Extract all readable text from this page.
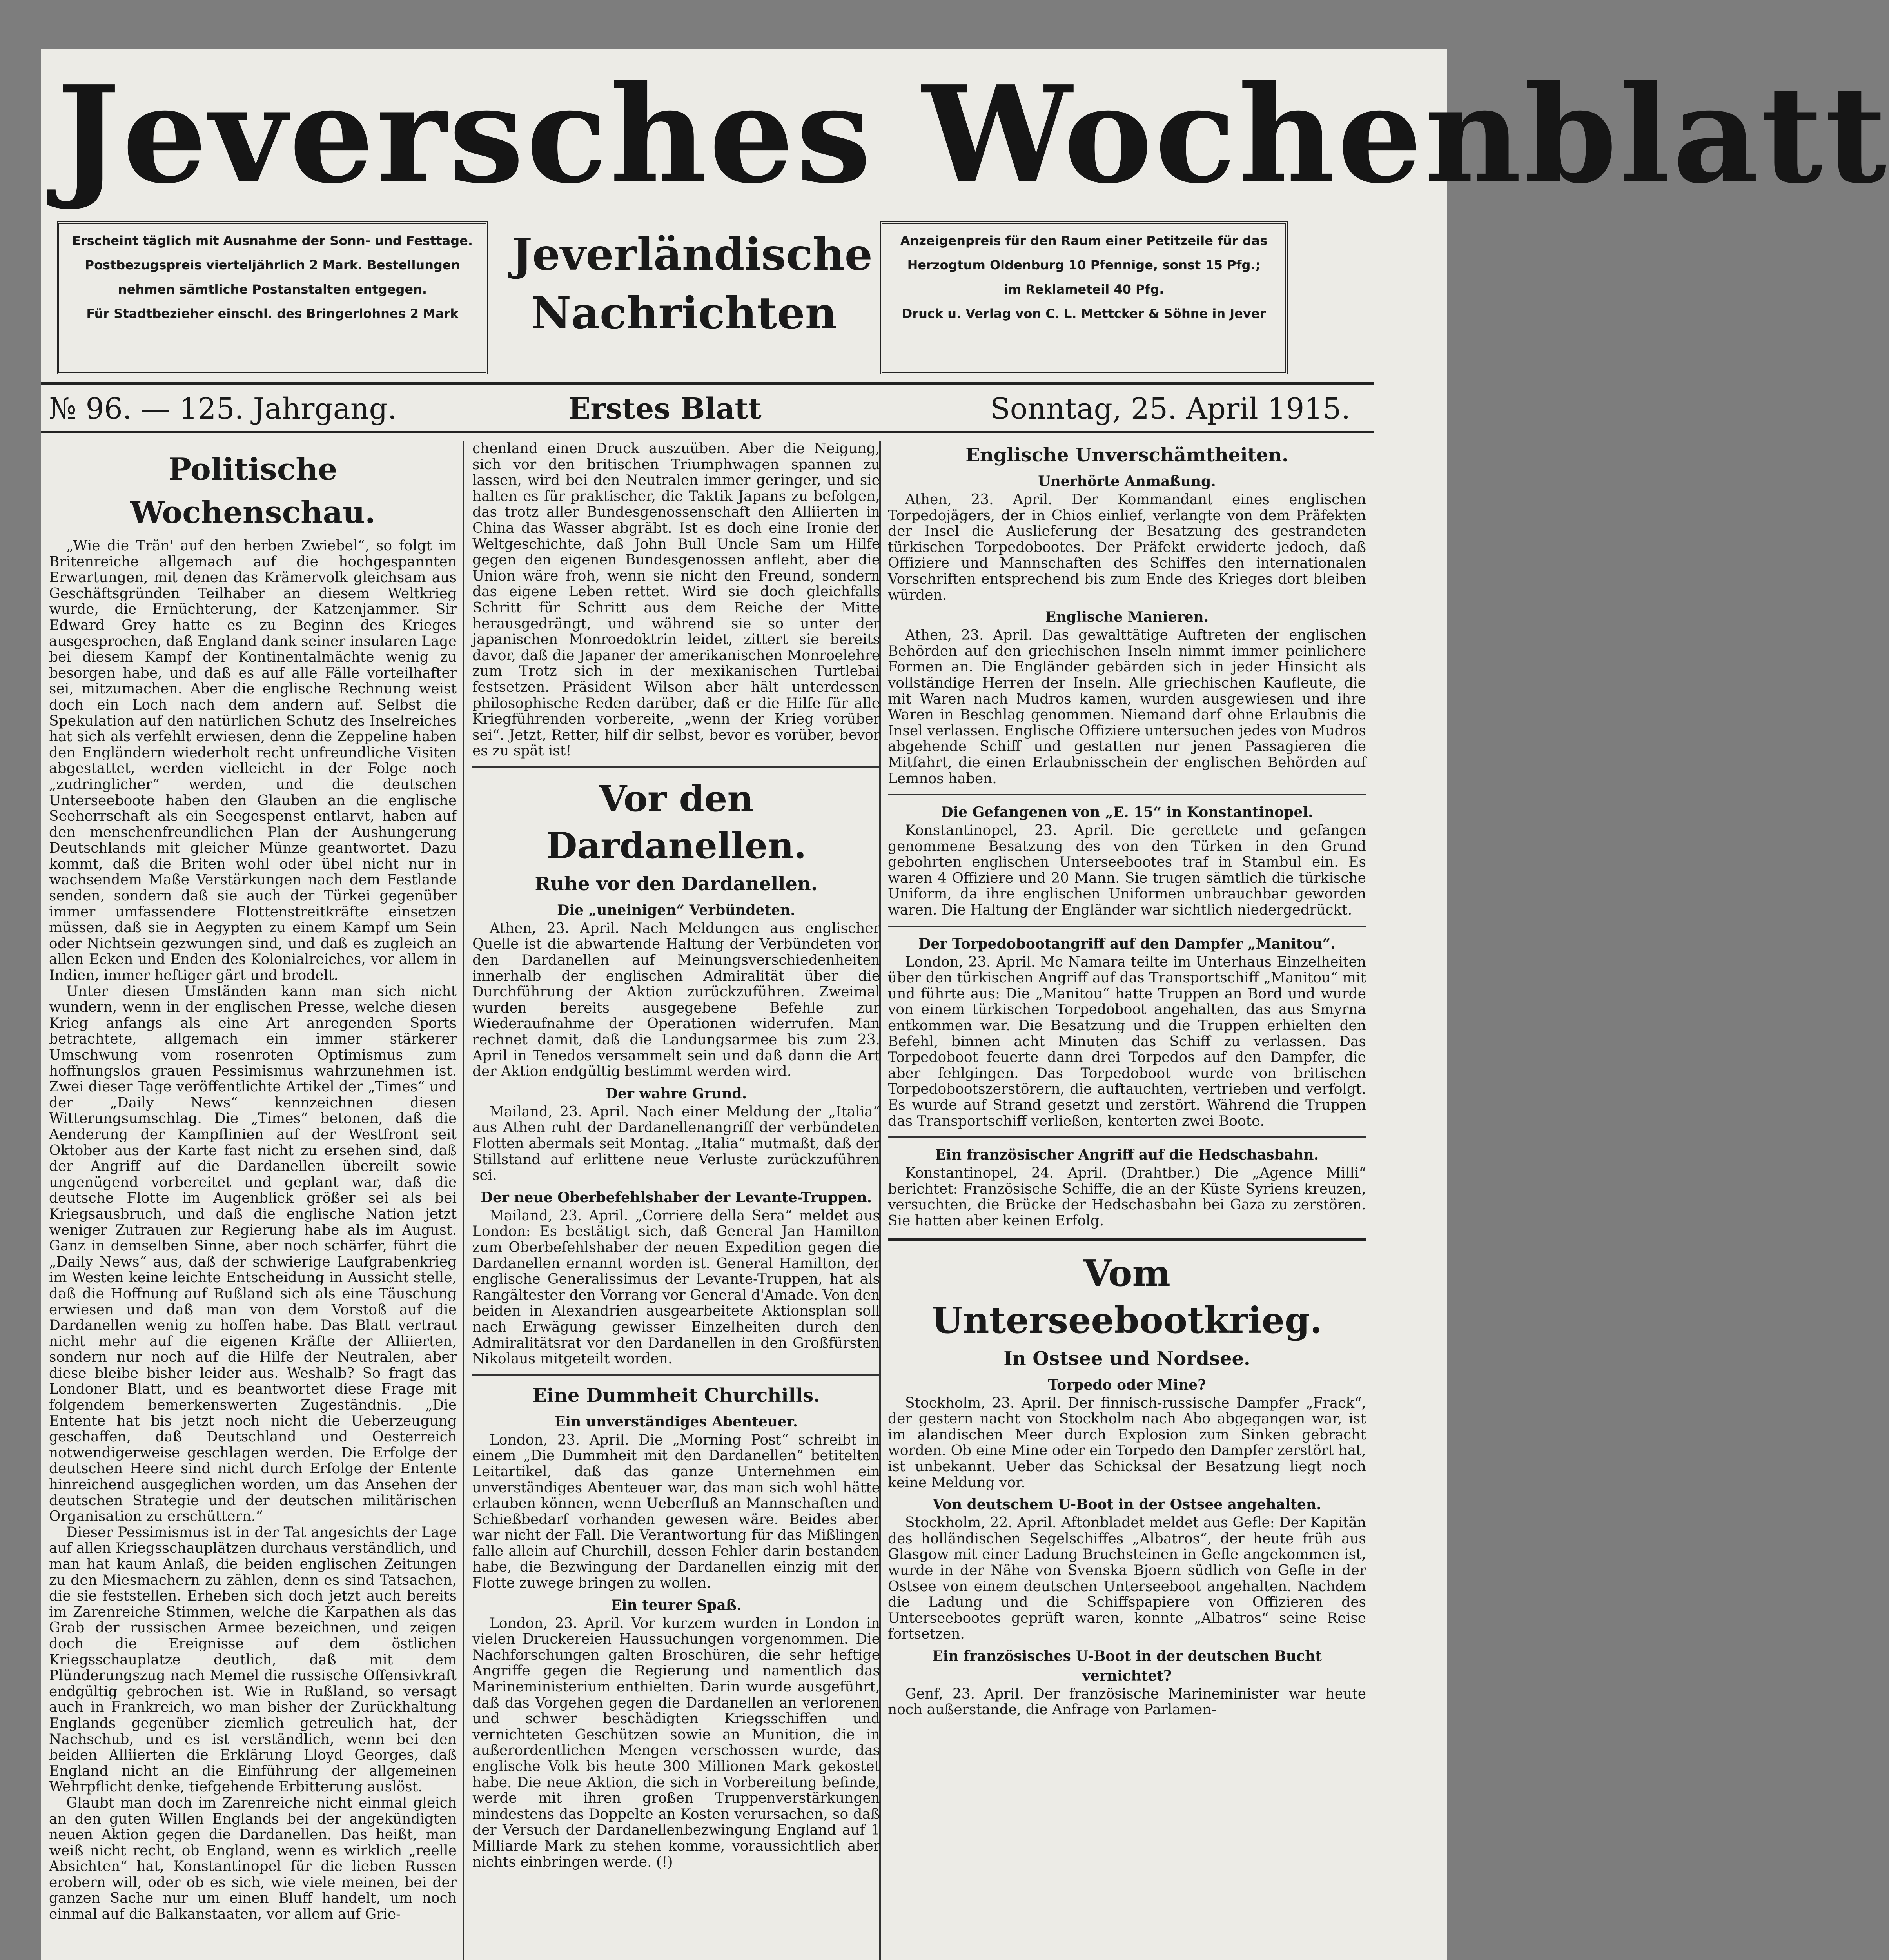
Jeversches Wochenblatt
Erscheint täglich mit Ausnahme der Sonn- und Festtage.
Postbezugspreis vierteljährlich 2 Mark. Bestellungen
nehmen sämtliche Postanstalten entgegen.
Für Stadtbezieher einschl. des Bringerlohnes 2 Mark
Jeverländische
Nachrichten
Anzeigenpreis für den Raum einer Petitzeile für das
Herzogtum Oldenburg 10 Pfennige, sonst 15 Pfg.;
im Reklameteil 40 Pfg.
Druck u. Verlag von C. L. Mettcker & Söhne in Jever
№ 96. — 125. Jahrgang.	Erstes Blatt	Sonntag, 25. April 1915.
Politische Wochenschau.

„Wie die Trän' auf den herben Zwiebel“, so folgt im Britenreiche allgemach auf die hochgespannten Erwartungen, mit denen das Krämervolk gleichsam aus Geschäftsgründen Teilhaber an diesem Weltkrieg wurde, die Ernüchterung, der Katzenjammer. Sir Edward Grey hatte es zu Beginn des Krieges ausgesprochen, daß England dank seiner insularen Lage bei diesem Kampf der Kontinentalmächte wenig zu besorgen habe, und daß es auf alle Fälle vorteilhafter sei, mitzumachen. Aber die englische Rechnung weist doch ein Loch nach dem andern auf. Selbst die Spekulation auf den natürlichen Schutz des Inselreiches hat sich als verfehlt erwiesen, denn die Zeppeline haben den Engländern wiederholt recht unfreundliche Visiten abgestattet, werden vielleicht in der Folge noch „zudringlicher“ werden, und die deutschen Unterseeboote haben den Glauben an die englische Seeherrschaft als ein Seegespenst entlarvt, haben auf den menschenfreundlichen Plan der Aushungerung Deutschlands mit gleicher Münze geantwortet. Dazu kommt, daß die Briten wohl oder übel nicht nur in wachsendem Maße Verstärkungen nach dem Festlande senden, sondern daß sie auch der Türkei gegenüber immer umfassendere Flottenstreitkräfte einsetzen müssen, daß sie in Aegypten zu einem Kampf um Sein oder Nichtsein gezwungen sind, und daß es zugleich an allen Ecken und Enden des Kolonialreiches, vor allem in Indien, immer heftiger gärt und brodelt.

Unter diesen Umständen kann man sich nicht wundern, wenn in der englischen Presse, welche diesen Krieg anfangs als eine Art anregenden Sports betrachtete, allgemach ein immer stärkerer Umschwung vom rosenroten Optimismus zum hoffnungslos grauen Pessimismus wahrzunehmen ist. Zwei dieser Tage veröffentlichte Artikel der „Times“ und der „Daily News“ kennzeichnen diesen Witterungsumschlag. Die „Times“ betonen, daß die Aenderung der Kampflinien auf der Westfront seit Oktober aus der Karte fast nicht zu ersehen sind, daß der Angriff auf die Dardanellen übereilt sowie ungenügend vorbereitet und geplant war, daß die deutsche Flotte im Augenblick größer sei als bei Kriegsausbruch, und daß die englische Nation jetzt weniger Zutrauen zur Regierung habe als im August. Ganz in demselben Sinne, aber noch schärfer, führt die „Daily News“ aus, daß der schwierige Laufgrabenkrieg im Westen keine leichte Entscheidung in Aussicht stelle, daß die Hoffnung auf Rußland sich als eine Täuschung erwiesen und daß man von dem Vorstoß auf die Dardanellen wenig zu hoffen habe. Das Blatt vertraut nicht mehr auf die eigenen Kräfte der Alliierten, sondern nur noch auf die Hilfe der Neutralen, aber diese bleibe bisher leider aus. Weshalb? So fragt das Londoner Blatt, und es beantwortet diese Frage mit folgendem bemerkenswerten Zugeständnis. „Die Entente hat bis jetzt noch nicht die Ueberzeugung geschaffen, daß Deutschland und Oesterreich notwendigerweise geschlagen werden. Die Erfolge der deutschen Heere sind nicht durch Erfolge der Entente hinreichend ausgeglichen worden, um das Ansehen der deutschen Strategie und der deutschen militärischen Organisation zu erschüttern.“

Dieser Pessimismus ist in der Tat angesichts der Lage auf allen Kriegsschauplätzen durchaus verständlich, und man hat kaum Anlaß, die beiden englischen Zeitungen zu den Miesmachern zu zählen, denn es sind Tatsachen, die sie feststellen. Erheben sich doch jetzt auch bereits im Zarenreiche Stimmen, welche die Karpathen als das Grab der russischen Armee bezeichnen, und zeigen doch die Ereignisse auf dem östlichen Kriegsschauplatze deutlich, daß mit dem Plünderungszug nach Memel die russische Offensivkraft endgültig gebrochen ist. Wie in Rußland, so versagt auch in Frankreich, wo man bisher der Zurückhaltung Englands gegenüber ziemlich getreulich hat, der Nachschub, und es ist verständlich, wenn bei den beiden Alliierten die Erklärung Lloyd Georges, daß England nicht an die Einführung der allgemeinen Wehrpflicht denke, tiefgehende Erbitterung auslöst.

Glaubt man doch im Zarenreiche nicht einmal gleich an den guten Willen Englands bei der angekündigten neuen Aktion gegen die Dardanellen. Das heißt, man weiß nicht recht, ob England, wenn es wirklich „reelle Absichten“ hat, Konstantinopel für die lieben Russen erobern will, oder ob es sich, wie viele meinen, bei der ganzen Sache nur um einen Bluff handelt, um noch einmal auf die Balkanstaaten, vor allem auf Grie-

chenland einen Druck auszuüben. Aber die Neigung, sich vor den britischen Triumphwagen spannen zu lassen, wird bei den Neutralen immer geringer, und sie halten es für praktischer, die Taktik Japans zu befolgen, das trotz aller Bundesgenossenschaft den Alliierten in China das Wasser abgräbt. Ist es doch eine Ironie der Weltgeschichte, daß John Bull Uncle Sam um Hilfe gegen den eigenen Bundesgenossen anfleht, aber die Union wäre froh, wenn sie nicht den Freund, sondern das eigene Leben rettet. Wird sie doch gleichfalls Schritt für Schritt aus dem Reiche der Mitte herausgedrängt, und während sie so unter der japanischen Monroedoktrin leidet, zittert sie bereits davor, daß die Japaner der amerikanischen Monroelehre zum Trotz sich in der mexikanischen Turtlebai festsetzen. Präsident Wilson aber hält unterdessen philosophische Reden darüber, daß er die Hilfe für alle Kriegführenden vorbereite, „wenn der Krieg vorüber sei“. Jetzt, Retter, hilf dir selbst, bevor es vorüber, bevor es zu spät ist!

Vor den Dardanellen.
Ruhe vor den Dardanellen.
Die „uneinigen“ Verbündeten.

Athen, 23. April. Nach Meldungen aus englischer Quelle ist die abwartende Haltung der Verbündeten vor den Dardanellen auf Meinungsverschiedenheiten innerhalb der englischen Admiralität über die Durchführung der Aktion zurückzuführen. Zweimal wurden bereits ausgegebene Befehle zur Wiederaufnahme der Operationen widerrufen. Man rechnet damit, daß die Landungsarmee bis zum 23. April in Tenedos versammelt sein und daß dann die Art der Aktion endgültig bestimmt werden wird.

Der wahre Grund.

Mailand, 23. April. Nach einer Meldung der „Italia“ aus Athen ruht der Dardanellenangriff der verbündeten Flotten abermals seit Montag. „Italia“ mutmaßt, daß der Stillstand auf erlittene neue Verluste zurückzuführen sei.

Der neue Oberbefehlshaber der Levante-Truppen.

Mailand, 23. April. „Corriere della Sera“ meldet aus London: Es bestätigt sich, daß General Jan Hamilton zum Oberbefehlshaber der neuen Expedition gegen die Dardanellen ernannt worden ist. General Hamilton, der englische Generalissimus der Levante-Truppen, hat als Rangältester den Vorrang vor General d'Amade. Von den beiden in Alexandrien ausgearbeitete Aktionsplan soll nach Erwägung gewisser Einzelheiten durch den Admiralitätsrat vor den Dardanellen in den Großfürsten Nikolaus mitgeteilt worden.

Eine Dummheit Churchills.
Ein unverständiges Abenteuer.

London, 23. April. Die „Morning Post“ schreibt in einem „Die Dummheit mit den Dardanellen“ betitelten Leitartikel, daß das ganze Unternehmen ein unverständiges Abenteuer war, das man sich wohl hätte erlauben können, wenn Ueberfluß an Mannschaften und Schießbedarf vorhanden gewesen wäre. Beides aber war nicht der Fall. Die Verantwortung für das Mißlingen falle allein auf Churchill, dessen Fehler darin bestanden habe, die Bezwingung der Dardanellen einzig mit der Flotte zuwege bringen zu wollen.

Ein teurer Spaß.

London, 23. April. Vor kurzem wurden in London in vielen Druckereien Haussuchungen vorgenommen. Die Nachforschungen galten Broschüren, die sehr heftige Angriffe gegen die Regierung und namentlich das Marineministerium enthielten. Darin wurde ausgeführt, daß das Vorgehen gegen die Dardanellen an verlorenen und schwer beschädigten Kriegsschiffen und vernichteten Geschützen sowie an Munition, die in außerordentlichen Mengen verschossen wurde, das englische Volk bis heute 300 Millionen Mark gekostet habe. Die neue Aktion, die sich in Vorbereitung befinde, werde mit ihren großen Truppenverstärkungen mindestens das Doppelte an Kosten verursachen, so daß der Versuch der Dardanellenbezwingung England auf 1 Milliarde Mark zu stehen komme, voraussichtlich aber nichts einbringen werde. (!)

Englische Unverschämtheiten.
Unerhörte Anmaßung.

Athen, 23. April. Der Kommandant eines englischen Torpedojägers, der in Chios einlief, verlangte von dem Präfekten der Insel die Auslieferung der Besatzung des gestrandeten türkischen Torpedobootes. Der Präfekt erwiderte jedoch, daß Offiziere und Mannschaften des Schiffes den internationalen Vorschriften entsprechend bis zum Ende des Krieges dort bleiben würden.

Englische Manieren.

Athen, 23. April. Das gewalttätige Auftreten der englischen Behörden auf den griechischen Inseln nimmt immer peinlichere Formen an. Die Engländer gebärden sich in jeder Hinsicht als vollständige Herren der Inseln. Alle griechischen Kaufleute, die mit Waren nach Mudros kamen, wurden ausgewiesen und ihre Waren in Beschlag genommen. Niemand darf ohne Erlaubnis die Insel verlassen. Englische Offiziere untersuchen jedes von Mudros abgehende Schiff und gestatten nur jenen Passagieren die Mitfahrt, die einen Erlaubnisschein der englischen Behörden auf Lemnos haben.

Die Gefangenen von „E. 15“ in Konstantinopel.

Konstantinopel, 23. April. Die gerettete und gefangen genommene Besatzung des von den Türken in den Grund gebohrten englischen Unterseebootes traf in Stambul ein. Es waren 4 Offiziere und 20 Mann. Sie trugen sämtlich die türkische Uniform, da ihre englischen Uniformen unbrauchbar geworden waren. Die Haltung der Engländer war sichtlich niedergedrückt.

Der Torpedobootangriff auf den Dampfer „Manitou“.

London, 23. April. Mc Namara teilte im Unterhaus Einzelheiten über den türkischen Angriff auf das Transportschiff „Manitou“ mit und führte aus: Die „Manitou“ hatte Truppen an Bord und wurde von einem türkischen Torpedoboot angehalten, das aus Smyrna entkommen war. Die Besatzung und die Truppen erhielten den Befehl, binnen acht Minuten das Schiff zu verlassen. Das Torpedoboot feuerte dann drei Torpedos auf den Dampfer, die aber fehlgingen. Das Torpedoboot wurde von britischen Torpedobootszerstörern, die auftauchten, vertrieben und verfolgt. Es wurde auf Strand gesetzt und zerstört. Während die Truppen das Transportschiff verließen, kenterten zwei Boote.

Ein französischer Angriff auf die Hedschasbahn.

Konstantinopel, 24. April. (Drahtber.) Die „Agence Milli“ berichtet: Französische Schiffe, die an der Küste Syriens kreuzen, versuchten, die Brücke der Hedschasbahn bei Gaza zu zerstören. Sie hatten aber keinen Erfolg.

Vom Unterseebootkrieg.
In Ostsee und Nordsee.
Torpedo oder Mine?

Stockholm, 23. April. Der finnisch-russische Dampfer „Frack“, der gestern nacht von Stockholm nach Abo abgegangen war, ist im alandischen Meer durch Explosion zum Sinken gebracht worden. Ob eine Mine oder ein Torpedo den Dampfer zerstört hat, ist unbekannt. Ueber das Schicksal der Besatzung liegt noch keine Meldung vor.

Von deutschem U-Boot in der Ostsee angehalten.

Stockholm, 22. April. Aftonbladet meldet aus Gefle: Der Kapitän des holländischen Segelschiffes „Albatros“, der heute früh aus Glasgow mit einer Ladung Bruchsteinen in Gefle angekommen ist, wurde in der Nähe von Svenska Bjoern südlich von Gefle in der Ostsee von einem deutschen Unterseeboot angehalten. Nachdem die Ladung und die Schiffspapiere von Offizieren des Unterseebootes geprüft waren, konnte „Albatros“ seine Reise fortsetzen.

Ein französisches U-Boot in der deutschen Bucht vernichtet?

Genf, 23. April. Der französische Marineminister war heute noch außerstande, die Anfrage von Parlamen-
